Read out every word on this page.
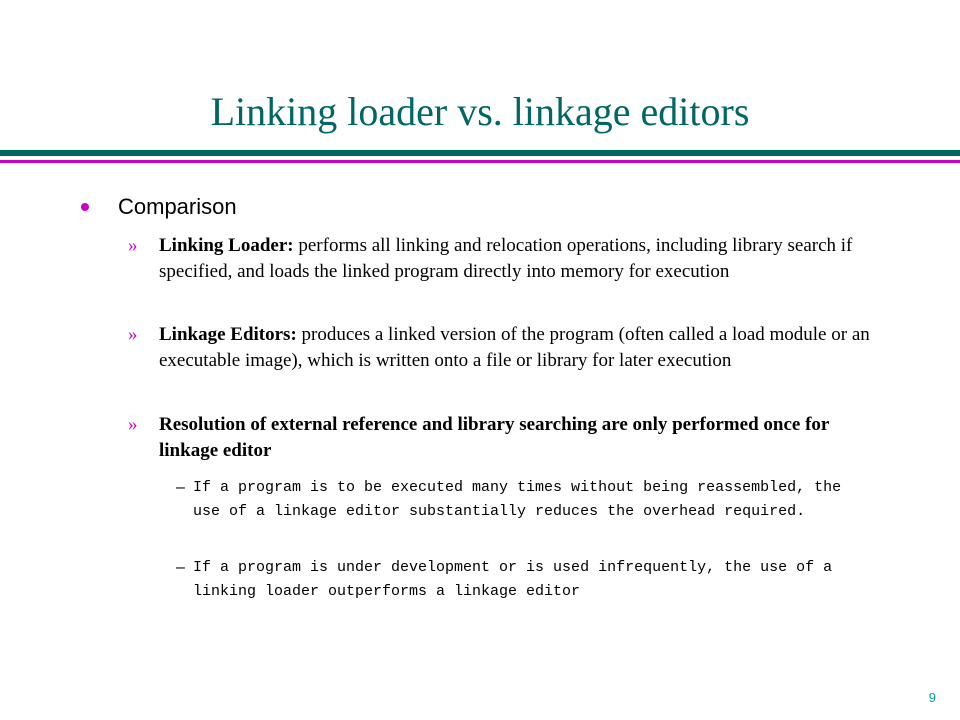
Linking loader vs. linkage editors
Comparison
» Linking Loader: performs all linking and relocation operations, including library search if specified, and loads the linked program directly into memory for execution
» Linkage Editors: produces a linked version of the program (often called a load module or an executable image), which is written onto a file or library for later execution
» Resolution of external reference and library searching are only performed once for linkage editor
– If a program is to be executed many times without being reassembled, the use of a linkage editor substantially reduces the overhead required.
– If a program is under development or is used infrequently, the use of a linking loader outperforms a linkage editor
9
